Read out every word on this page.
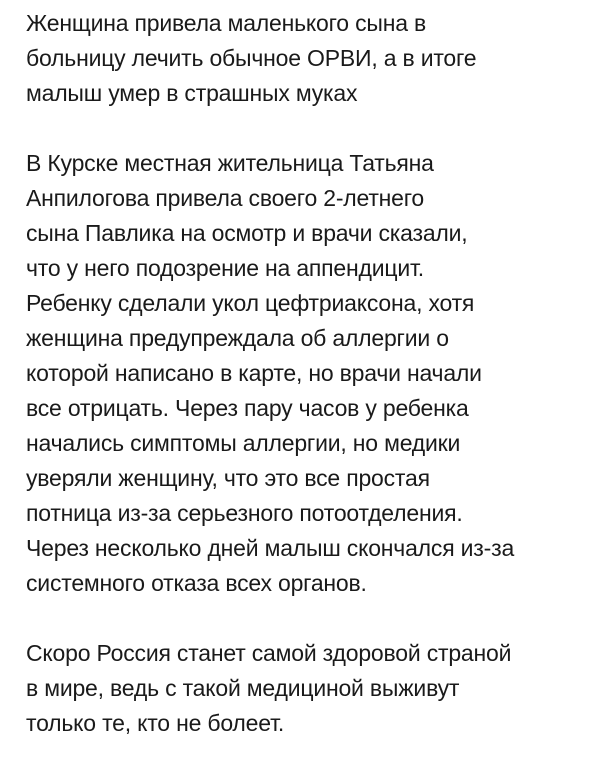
Женщина привела маленького сына в
больницу лечить обычное ОРВИ, а в итоге
малыш умер в страшных муках

В Курске местная жительница Татьяна
Анпилогова привела своего 2-летнего
сына Павлика на осмотр и врачи сказали,
что у него подозрение на аппендицит.
Ребенку сделали укол цефтриаксона, хотя
женщина предупреждала об аллергии о
которой написано в карте, но врачи начали
все отрицать. Через пару часов у ребенка
начались симптомы аллергии, но медики
уверяли женщину, что это все простая
потница из-за серьезного потоотделения.
Через несколько дней малыш скончался из-за
системного отказа всех органов.

Скоро Россия станет самой здоровой страной
в мире, ведь с такой медициной выживут
только те, кто не болеет.
